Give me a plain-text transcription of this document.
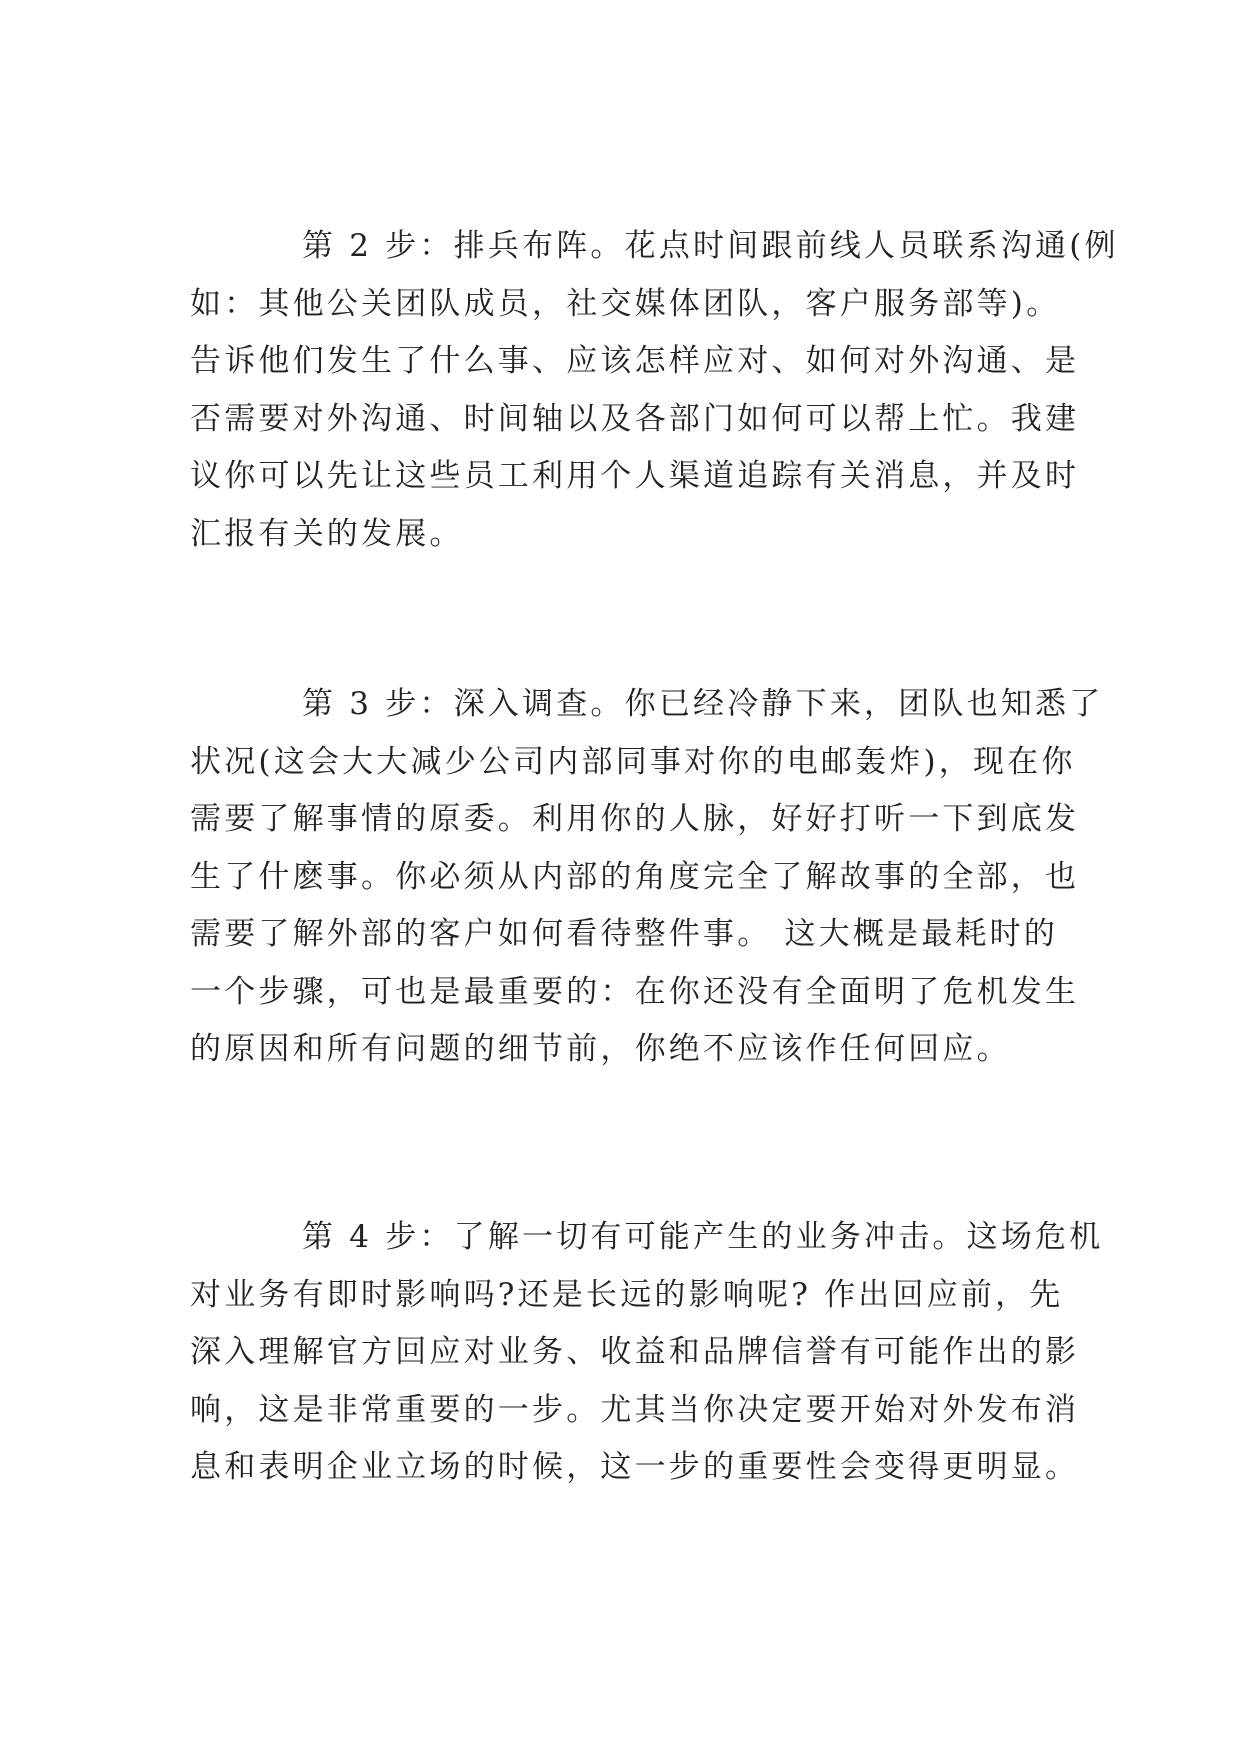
第 2 步：排兵布阵。花点时间跟前线人员联系沟通(例
如：其他公关团队成员，社交媒体团队，客户服务部等)。
告诉他们发生了什么事、应该怎样应对、如何对外沟通、是
否需要对外沟通、时间轴以及各部门如何可以帮上忙。我建
议你可以先让这些员工利用个人渠道追踪有关消息，并及时
汇报有关的发展。

第 3 步：深入调查。你已经冷静下来，团队也知悉了
状况(这会大大减少公司内部同事对你的电邮轰炸)，现在你
需要了解事情的原委。利用你的人脉，好好打听一下到底发
生了什麽事。你必须从内部的角度完全了解故事的全部，也
需要了解外部的客户如何看待整件事。 这大概是最耗时的
一个步骤，可也是最重要的：在你还没有全面明了危机发生
的原因和所有问题的细节前，你绝不应该作任何回应。

第 4 步：了解一切有可能产生的业务冲击。这场危机
对业务有即时影响吗?还是长远的影响呢? 作出回应前，先
深入理解官方回应对业务、收益和品牌信誉有可能作出的影
响，这是非常重要的一步。尤其当你决定要开始对外发布消
息和表明企业立场的时候，这一步的重要性会变得更明显。
